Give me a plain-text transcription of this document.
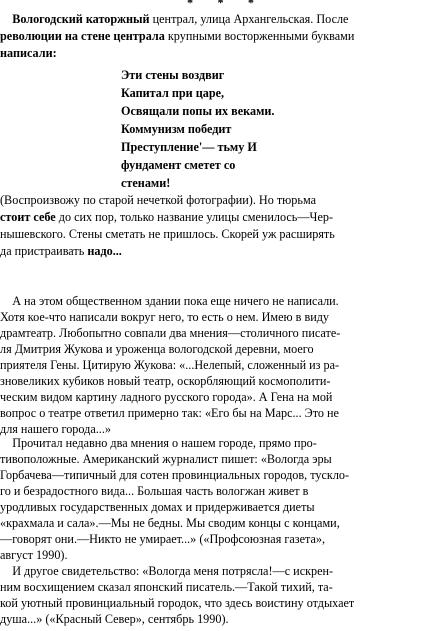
*        *        *
Вологодский каторжный централ, улица Архангельская. После
революции на стене централа крупными восторженными буквами
написали:
Эти стены воздвиг
Капитал при царе,
Освящали попы их веками.
Коммунизм победит
Преступление'— тьму И
фундамент сметет со
стенами!
(Воспроизвожу по старой нечеткой фотографии). Но тюрьма
стоит себе до сих пор, только название улицы сменилось—Чер-
нышевского. Стены сметать не пришлось. Скорей уж расширять
да пристраивать надо...
А на этом общественном здании пока еще ничего не написали.
Хотя кое-что написали вокруг него, то есть о нем. Имею в виду
драмтеатр. Любопытно совпали два мнения—столичного писате-
ля Дмитрия Жукова и уроженца вологодской деревни, моего
приятеля Гены. Цитирую Жукова: «...Нелепый, сложенный из ра-
зновеликих кубиков новый театр, оскорбляющий космополити-
ческим видом картину ладного русского города». А Гена на мой
вопрос о театре ответил примерно так: «Его бы на Марс... Это не
для нашего города...»
Прочитал недавно два мнения о нашем городе, прямо про-
тивоположные. Американский журналист пишет: «Вологда эры
Горбачева—типичный для сотен провинциальных городов, тускло-
го и безрадостного вида... Большая часть вологжан живет в
уродливых государственных домах и придерживается диеты
«крахмала и сала».—Мы не бедны. Мы сводим концы с концами,
—говорят они.—Никто не умирает...» («Профсоюзная газета»,
август 1990).
И другое свидетельство: «Вологда меня потрясла!—с искрен-
ним восхищением сказал японский писатель.—Такой тихий, та-
кой уютный провинциальный городок, что здесь воистину отдыхает
душа...» («Красный Север», сентябрь 1990).
